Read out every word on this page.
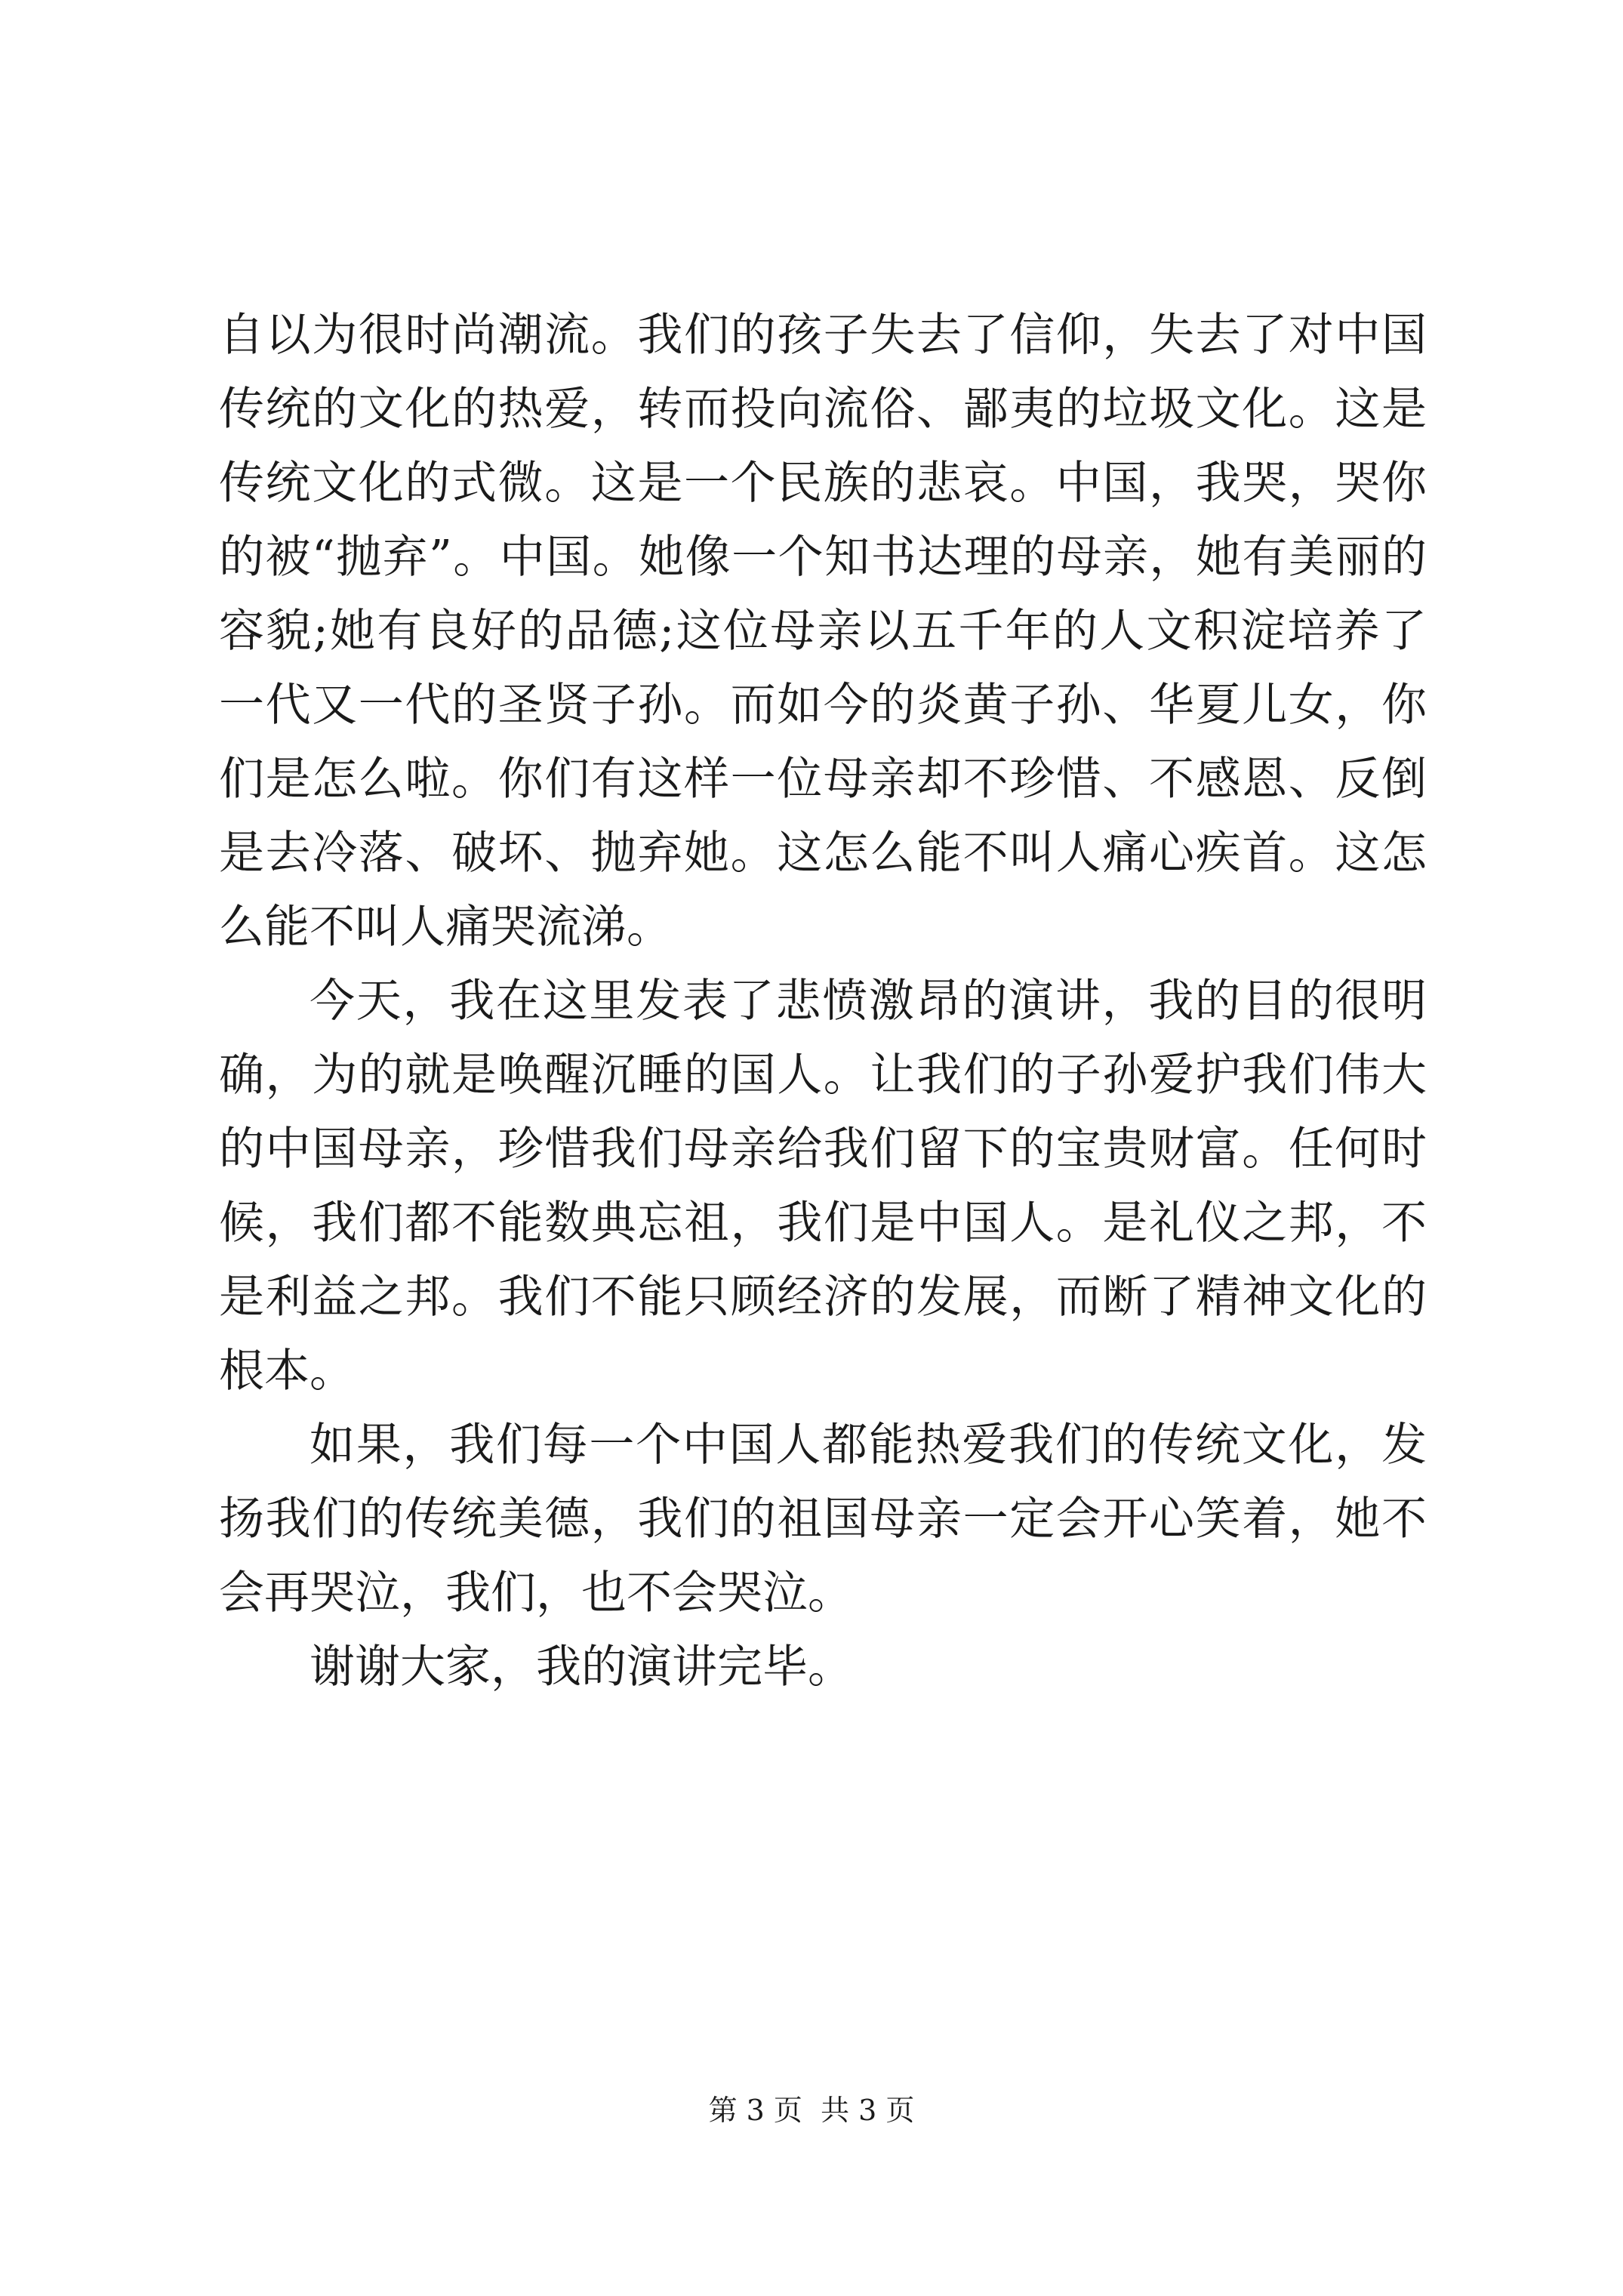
自以为很时尚潮流。我们的孩子失去了信仰，失去了对中国传统的文化的热爱，转而投向流俗、鄙夷的垃圾文化。这是传统文化的式微。这是一个民族的悲哀。中国，我哭，哭你的被“抛弃”。中国。她像一个知书达理的母亲，她有美丽的容貌;她有良好的品德;这位母亲以五千年的人文积淀培养了一代又一代的圣贤子孙。而如今的炎黄子孙、华夏儿女，你们是怎么啦。你们有这样一位母亲却不珍惜、不感恩、反倒是去冷落、破坏、抛弃她。这怎么能不叫人痛心疾首。这怎么能不叫人痛哭流涕。

今天，我在这里发表了悲愤激昂的演讲，我的目的很明确，为的就是唤醒沉睡的国人。让我们的子孙爱护我们伟大的中国母亲，珍惜我们母亲给我们留下的宝贵财富。任何时候，我们都不能数典忘祖，我们是中国人。是礼仪之邦，不是利益之邦。我们不能只顾经济的发展，而断了精神文化的根本。

如果，我们每一个中国人都能热爱我们的传统文化，发扬我们的传统美德，我们的祖国母亲一定会开心笑着，她不会再哭泣，我们，也不会哭泣。

谢谢大家，我的演讲完毕。

第 3 页  共 3 页
